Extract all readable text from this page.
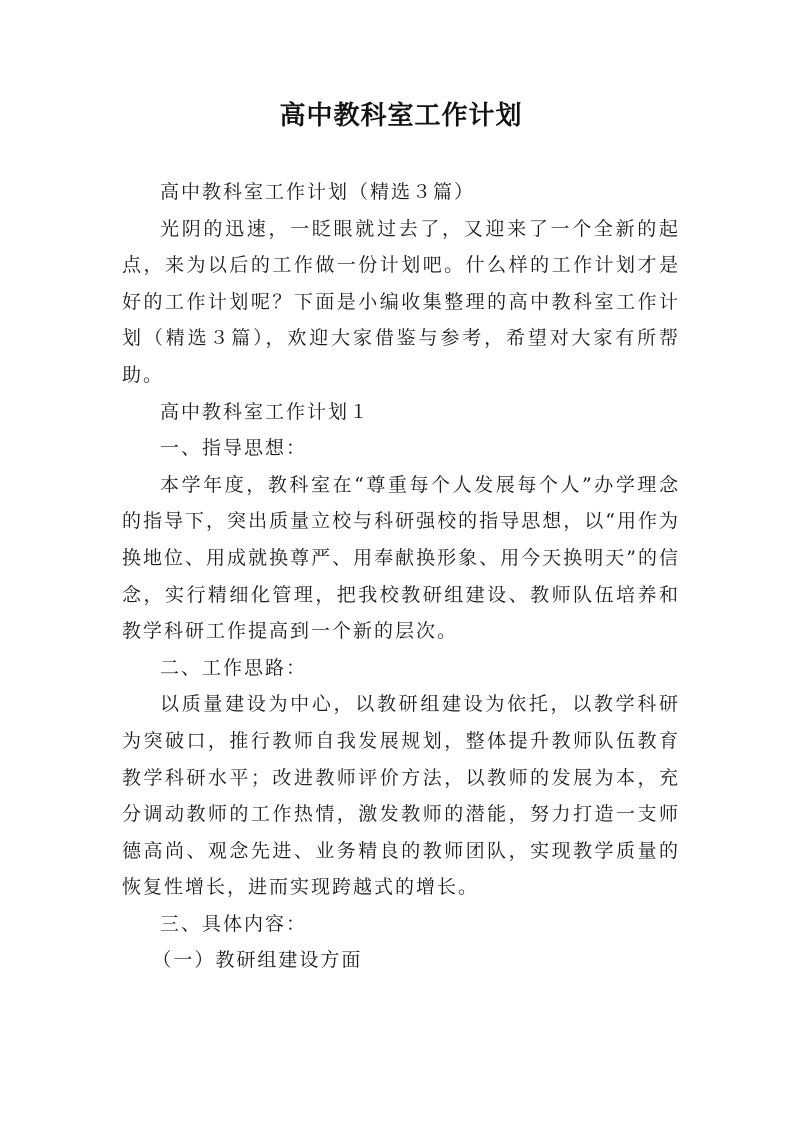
高中教科室工作计划

高中教科室工作计划（精选３篇）

光阴的迅速，一眨眼就过去了，又迎来了一个全新的起点，来为以后的工作做一份计划吧。什么样的工作计划才是好的工作计划呢？下面是小编收集整理的高中教科室工作计划（精选３篇），欢迎大家借鉴与参考，希望对大家有所帮助。

高中教科室工作计划１

一、指导思想：

本学年度，教科室在“尊重每个人发展每个人”办学理念的指导下，突出质量立校与科研强校的指导思想，以“用作为换地位、用成就换尊严、用奉献换形象、用今天换明天”的信念，实行精细化管理，把我校教研组建设、教师队伍培养和教学科研工作提高到一个新的层次。

二、工作思路：

以质量建设为中心，以教研组建设为依托，以教学科研为突破口，推行教师自我发展规划，整体提升教师队伍教育教学科研水平；改进教师评价方法，以教师的发展为本，充分调动教师的工作热情，激发教师的潜能，努力打造一支师德高尚、观念先进、业务精良的教师团队，实现教学质量的恢复性增长，进而实现跨越式的增长。

三、具体内容：

（一）教研组建设方面
